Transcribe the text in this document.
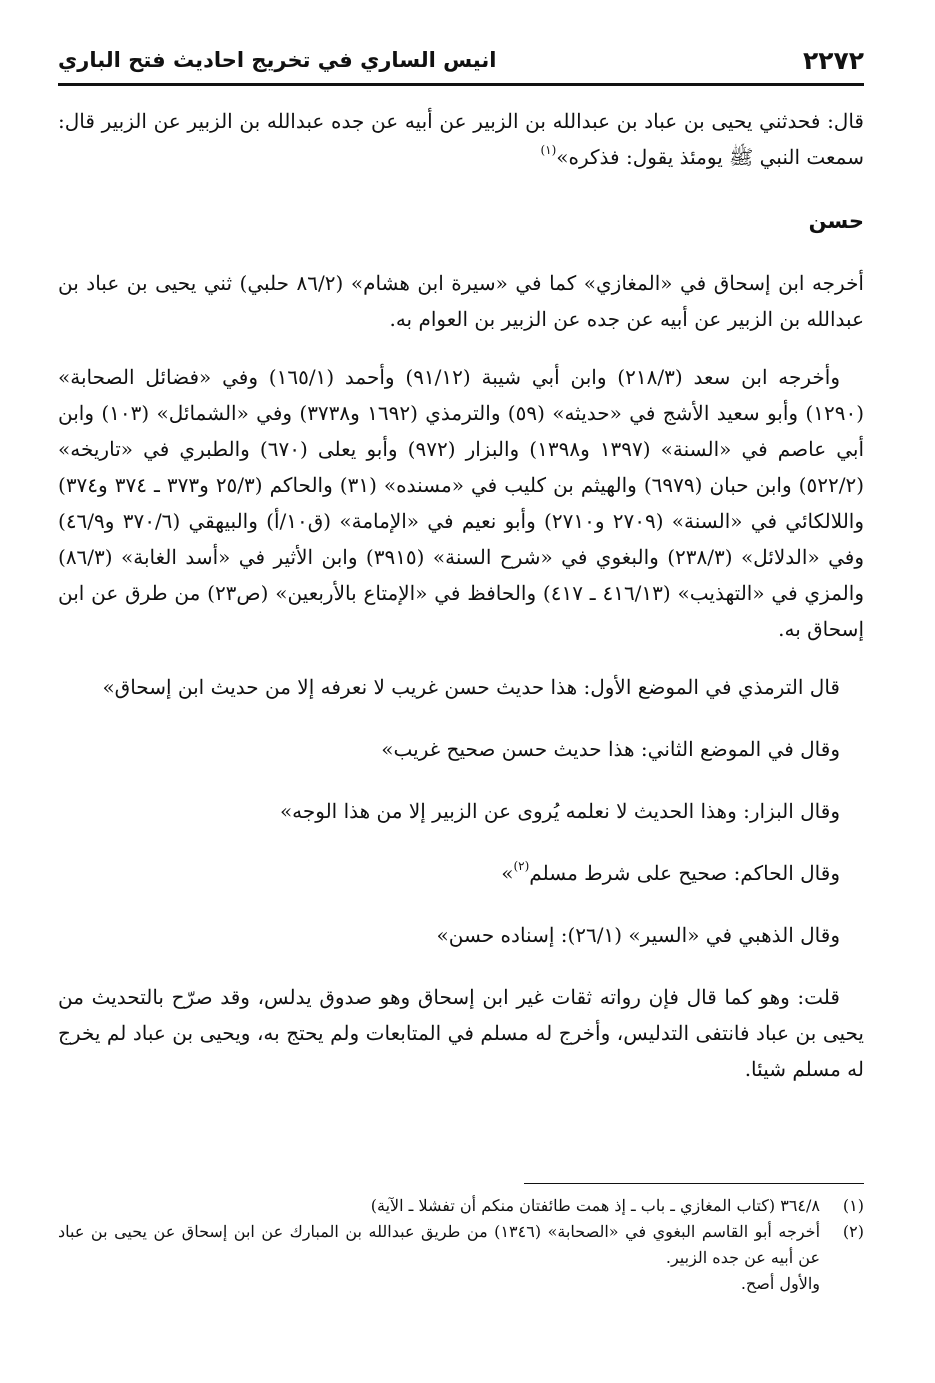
٢٢٧٢
انيس الساري في تخريج احاديث فتح الباري

قال: فحدثني يحيى بن عباد بن عبدالله بن الزبير عن أبيه عن جده عبدالله بن الزبير عن الزبير قال: سمعت النبي ﷺ يومئذ يقول: فذكره»$^{(١)}$

حسن

أخرجه ابن إسحاق في «المغازي» كما في «سيرة ابن هشام» (٨٦/٢ حلبي) ثني يحيى بن عباد بن عبدالله بن الزبير عن أبيه عن جده عن الزبير بن العوام به.

وأخرجه ابن سعد (٢١٨/٣) وابن أبي شيبة (٩١/١٢) وأحمد (١٦٥/١) وفي «فضائل الصحابة» (١٢٩٠) وأبو سعيد الأشج في «حديثه» (٥٩) والترمذي (١٦٩٢ و٣٧٣٨) وفي «الشمائل» (١٠٣) وابن أبي عاصم في «السنة» (١٣٩٧ و١٣٩٨) والبزار (٩٧٢) وأبو يعلى (٦٧٠) والطبري في «تاريخه» (٥٢٢/٢) وابن حبان (٦٩٧٩) والهيثم بن كليب في «مسنده» (٣١) والحاكم (٢٥/٣ و٣٧٣ ـ ٣٧٤ و٣٧٤) واللالكائي في «السنة» (٢٧٠٩ و٢٧١٠) وأبو نعيم في «الإمامة» (ق١٠/أ) والبيهقي (٣٧٠/٦ و٤٦/٩) وفي «الدلائل» (٢٣٨/٣) والبغوي في «شرح السنة» (٣٩١٥) وابن الأثير في «أسد الغابة» (٨٦/٣) والمزي في «التهذيب» (٤١٦/١٣ ـ ٤١٧) والحافظ في «الإمتاع بالأربعين» (ص٢٣) من طرق عن ابن إسحاق به.

قال الترمذي في الموضع الأول: هذا حديث حسن غريب لا نعرفه إلا من حديث ابن إسحاق»

وقال في الموضع الثاني: هذا حديث حسن صحيح غريب»

وقال البزار: وهذا الحديث لا نعلمه يُروى عن الزبير إلا من هذا الوجه»

وقال الحاكم: صحيح على شرط مسلم$^{(٢)}$»

وقال الذهبي في «السير» (٢٦/١): إسناده حسن»

قلت: وهو كما قال فإن رواته ثقات غير ابن إسحاق وهو صدوق يدلس، وقد صرّح بالتحديث من يحيى بن عباد فانتفى التدليس، وأخرج له مسلم في المتابعات ولم يحتج به، ويحيى بن عباد لم يخرج له مسلم شيئا.

(١)
٣٦٤/٨ (كتاب المغازي ـ باب ـ إذ همت طائفتان منكم أن تفشلا ـ الآية)
(٢)
أخرجه أبو القاسم البغوي في «الصحابة» (١٣٤٦) من طريق عبدالله بن المبارك عن ابن إسحاق عن يحيى بن عباد عن أبيه عن جده الزبير.
والأول أصح.
